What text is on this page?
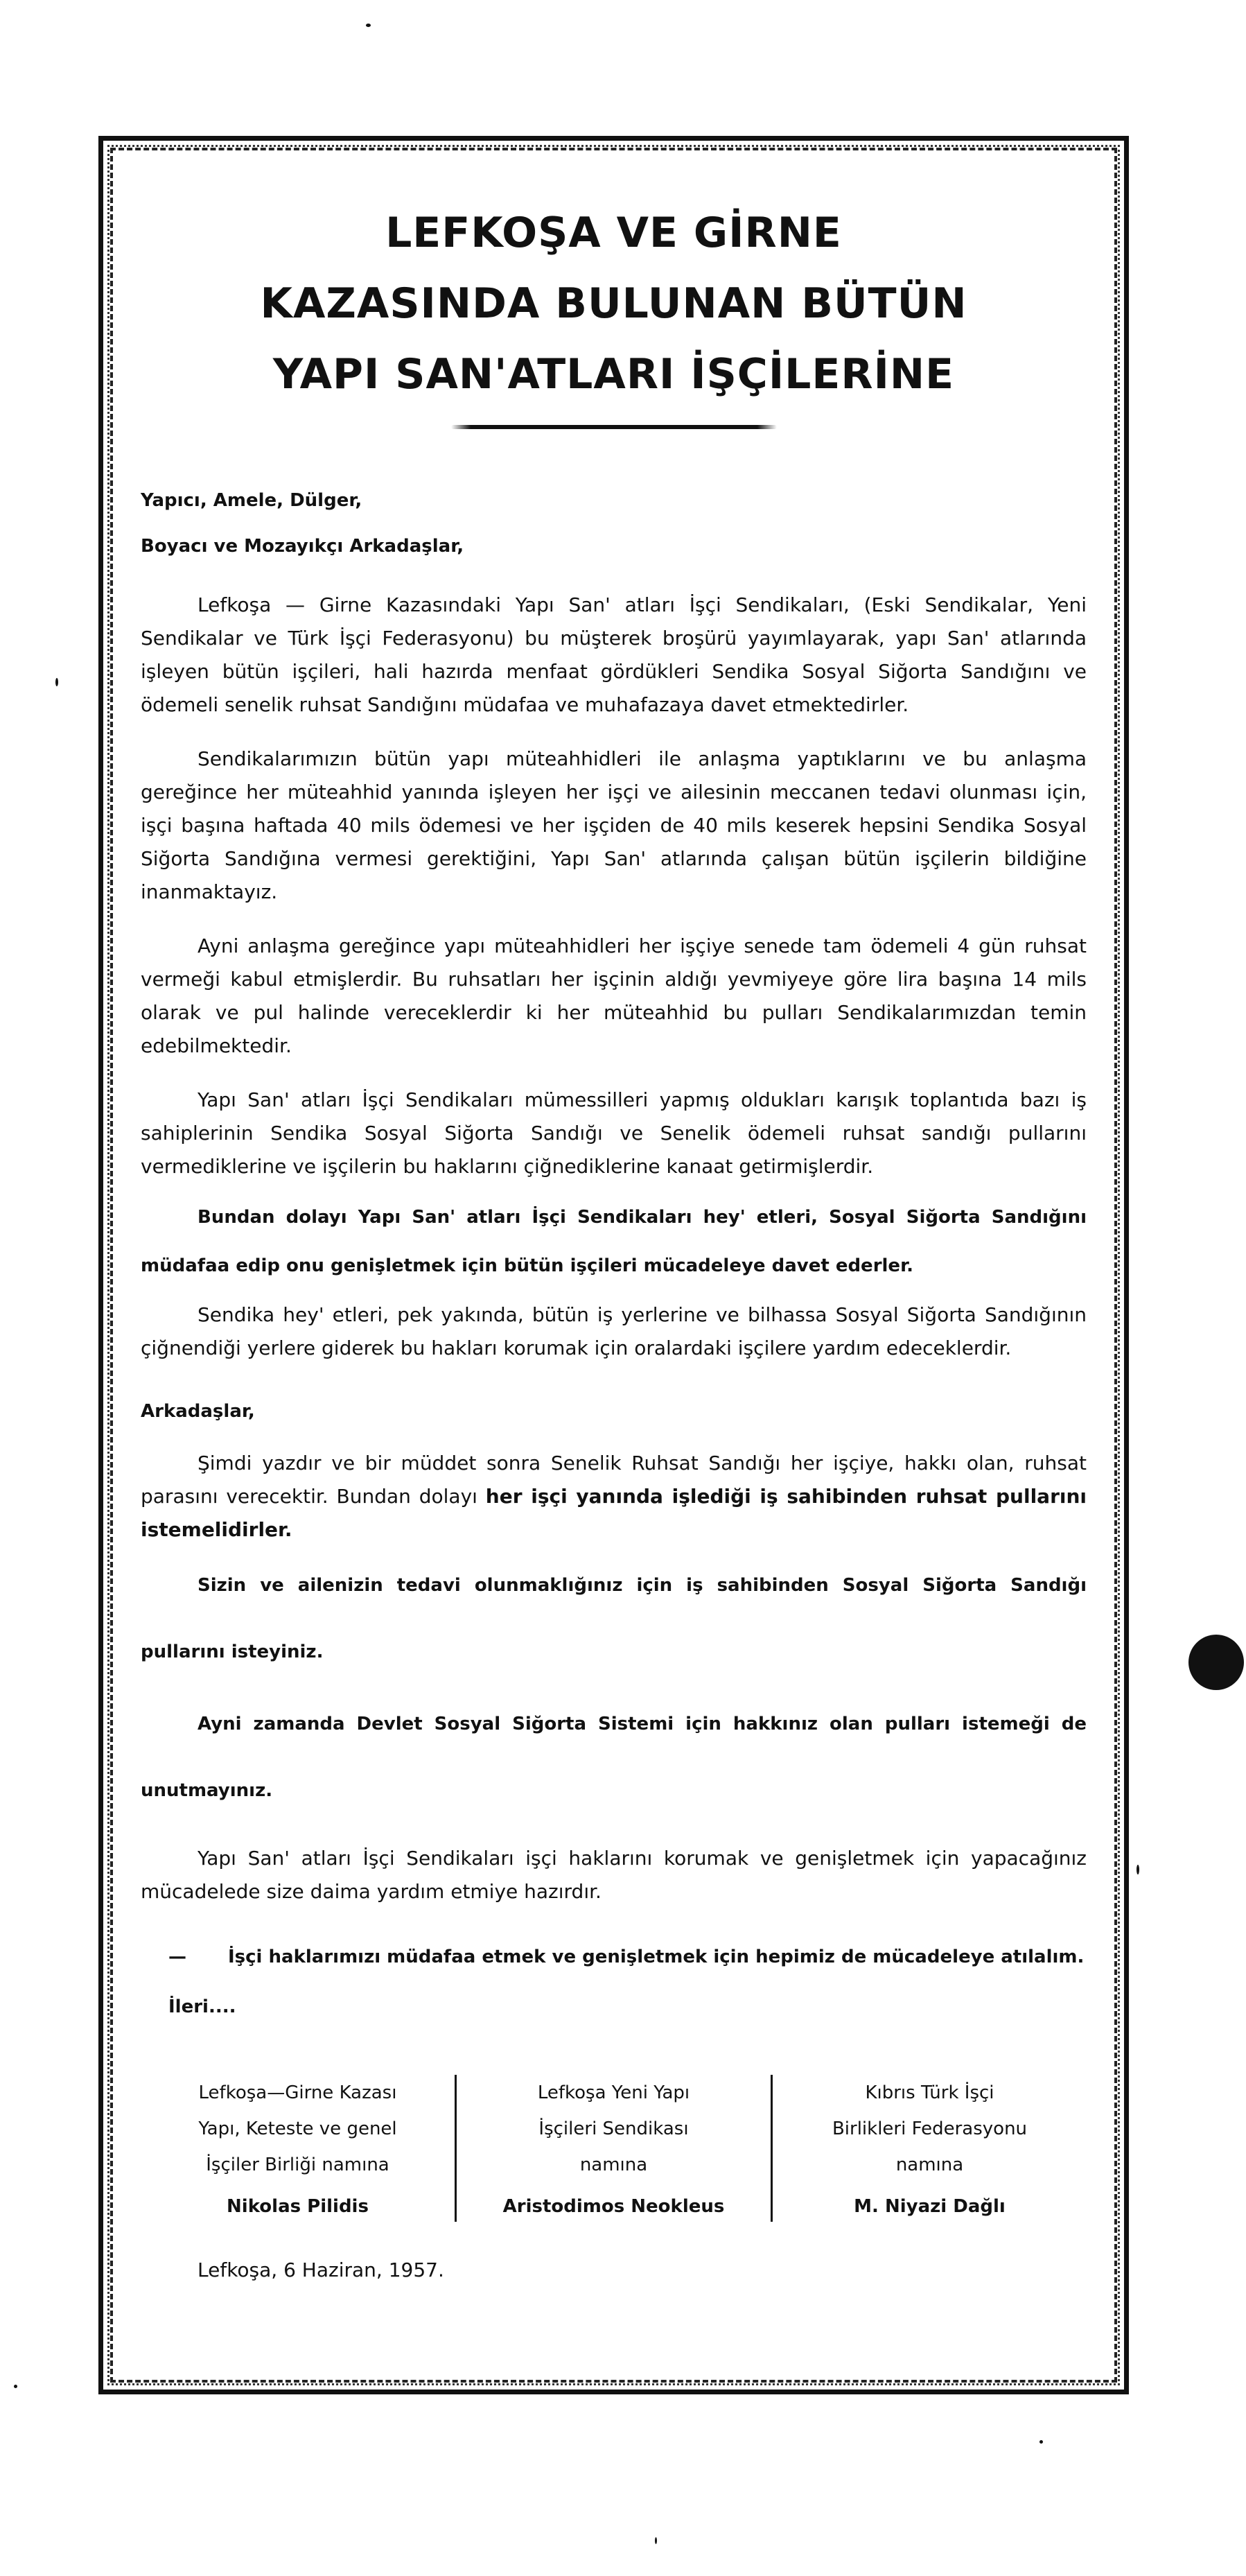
LEFKOŞA VE GİRNE
KAZASINDA BULUNAN BÜTÜN
YAPI SAN'ATLARI İŞÇİLERİNE
Yapıcı, Amele, Dülger,
Boyacı ve Mozayıkçı Arkadaşlar,

Lefkoşa — Girne Kazasındaki Yapı San' atları İşçi Sendikaları, (Eski Sendikalar, Yeni Sendikalar ve Türk İşçi Federasyonu) bu müşterek broşürü yayımlayarak, yapı San' atlarında işleyen bütün işçileri, hali hazırda menfaat gördükleri Sendika Sosyal Siğorta Sandığını ve ödemeli senelik ruhsat Sandığını müdafaa ve muhafazaya davet etmektedirler.

Sendikalarımızın bütün yapı müteahhidleri ile anlaşma yaptıklarını ve bu anlaşma gereğince her müteahhid yanında işleyen her işçi ve ailesinin meccanen tedavi olunması için, işçi başına haftada 40 mils ödemesi ve her işçiden de 40 mils keserek hepsini Sendika Sosyal Siğorta Sandığına vermesi gerektiğini, Yapı San' atlarında çalışan bütün işçilerin bildiğine inanmaktayız.

Ayni anlaşma gereğince yapı müteahhidleri her işçiye senede tam ödemeli 4 gün ruhsat vermeği kabul etmişlerdir. Bu ruhsatları her işçinin aldığı yevmiyeye göre lira başına 14 mils olarak ve pul halinde vereceklerdir ki her müteahhid bu pulları Sendikalarımızdan temin edebilmektedir.

Yapı San' atları İşçi Sendikaları mümessilleri yapmış oldukları karışık toplantıda bazı iş sahiplerinin Sendika Sosyal Siğorta Sandığı ve Senelik ödemeli ruhsat sandığı pullarını vermediklerine ve işçilerin bu haklarını çiğnediklerine kanaat getirmişlerdir.

Bundan dolayı Yapı San' atları İşçi Sendikaları hey' etleri, Sosyal Siğorta Sandığını müdafaa edip onu genişletmek için bütün işçileri mücadeleye davet ederler.

Sendika hey' etleri, pek yakında, bütün iş yerlerine ve bilhassa Sosyal Siğorta Sandığının çiğnendiği yerlere giderek bu hakları korumak için oralardaki işçilere yardım edeceklerdir.

Arkadaşlar,

Şimdi yazdır ve bir müddet sonra Senelik Ruhsat Sandığı her işçiye, hakkı olan, ruhsat parasını verecektir. Bundan dolayı her işçi yanında işlediği iş sahibinden ruhsat pullarını istemelidirler.

Sizin ve ailenizin tedavi olunmaklığınız için iş sahibinden Sosyal Siğorta Sandığı pullarını isteyiniz.

Ayni zamanda Devlet Sosyal Siğorta Sistemi için hakkınız olan pulları istemeği de unutmayınız.

Yapı San' atları İşçi Sendikaları işçi haklarını korumak ve genişletmek için yapacağınız mücadelede size daima yardım etmiye hazırdır.

— İşçi haklarımızı müdafaa etmek ve genişletmek için hepimiz de mücadeleye atılalım. İleri....
Lefkoşa—Girne Kazası
Yapı, Keteste ve genel
İşçiler Birliği namına
Nikolas Pilidis
Lefkoşa Yeni Yapı
İşçileri Sendikası
namına
Aristodimos Neokleus
Kıbrıs Türk İşçi
Birlikleri Federasyonu
namına
M. Niyazi Dağlı
Lefkoşa, 6 Haziran, 1957.
